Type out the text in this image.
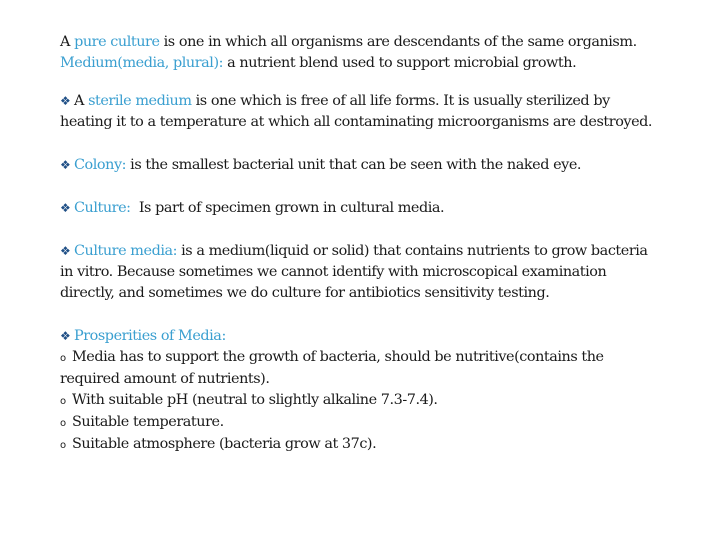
A pure culture is one in which all organisms are descendants of the same organism.
Medium(media, plural): a nutrient blend used to support microbial growth.

❖ A sterile medium is one which is free of all life forms. It is usually sterilized by heating it to a temperature at which all contaminating microorganisms are destroyed.

❖ Colony: is the smallest bacterial unit that can be seen with the naked eye.

❖ Culture:  Is part of specimen grown in cultural media.

❖ Culture media: is a medium(liquid or solid) that contains nutrients to grow bacteria in vitro. Because sometimes we cannot identify with microscopical examination directly, and sometimes we do culture for antibiotics sensitivity testing.

❖ Prosperities of Media:
o Media has to support the growth of bacteria, should be nutritive(contains the required amount of nutrients).
o With suitable pH (neutral to slightly alkaline 7.3-7.4).
o Suitable temperature.
o Suitable atmosphere (bacteria grow at 37c).
